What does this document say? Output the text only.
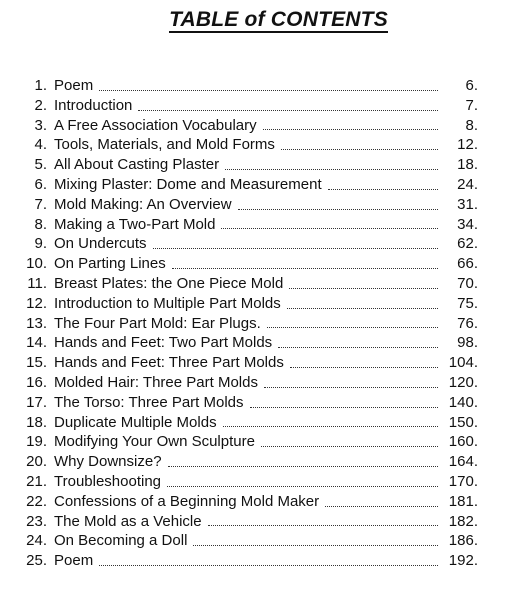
TABLE of CONTENTS
1. Poem	6.
2. Introduction	7.
3. A Free Association Vocabulary	8.
4. Tools, Materials, and Mold Forms	12.
5. All About Casting Plaster	18.
6. Mixing Plaster: Dome and Measurement	24.
7. Mold Making: An Overview	31.
8. Making a Two-Part Mold	34.
9. On Undercuts	62.
10. On Parting Lines	66.
11. Breast Plates: the One Piece Mold	70.
12. Introduction to Multiple Part Molds	75.
13. The Four Part Mold: Ear Plugs.	76.
14. Hands and Feet: Two Part Molds	98.
15. Hands and Feet: Three Part Molds	104.
16. Molded Hair: Three Part Molds	120.
17. The Torso: Three Part Molds	140.
18. Duplicate Multiple Molds	150.
19. Modifying Your Own Sculpture	160.
20. Why Downsize?	164.
21. Troubleshooting	170.
22. Confessions of a Beginning Mold Maker	181.
23. The Mold as a Vehicle	182.
24. On Becoming a Doll	186.
25. Poem	192.
